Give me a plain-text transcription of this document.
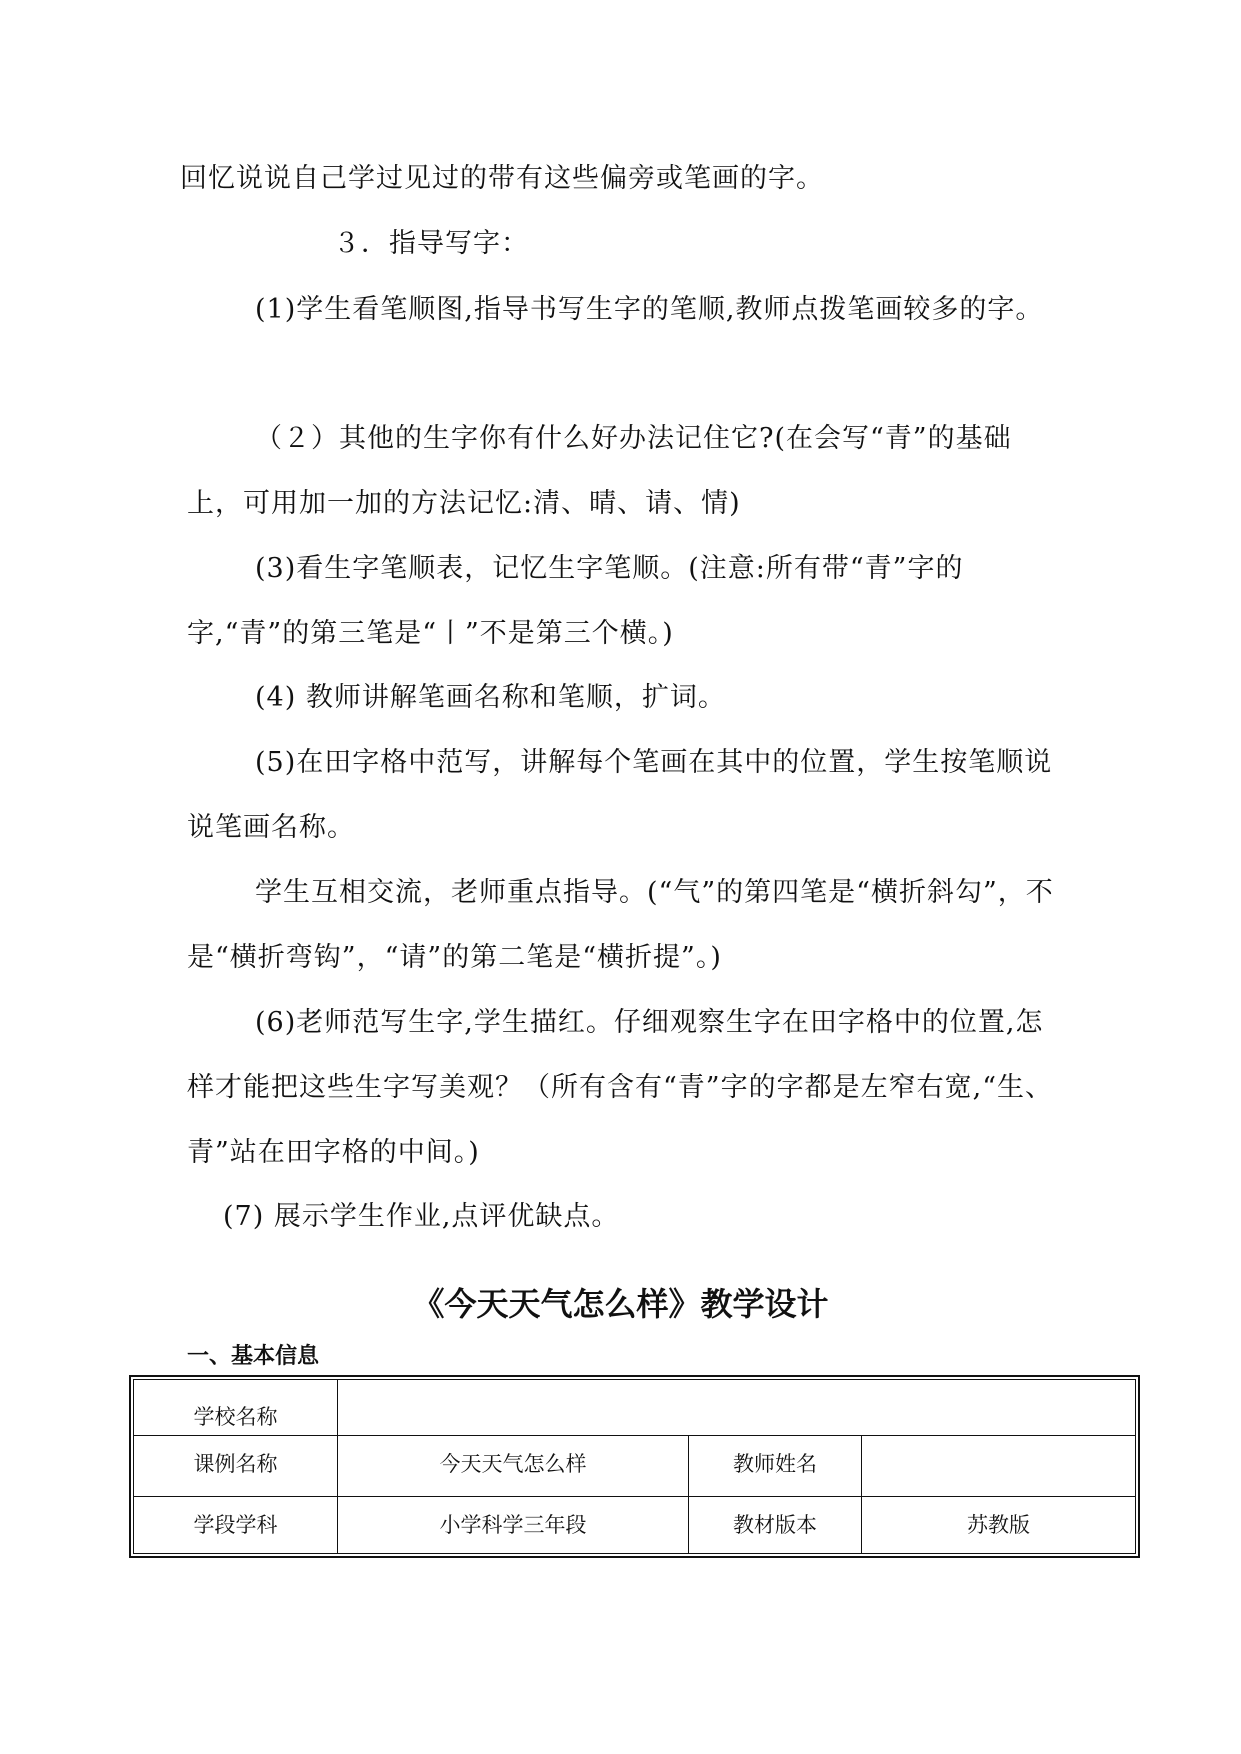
回忆说说自己学过见过的带有这些偏旁或笔画的字。

３．指导写字：

(1)学生看笔顺图,指导书写生字的笔顺,教师点拨笔画较多的字。

（２）其他的生字你有什么好办法记住它?(在会写“青”的基础上，可用加一加的方法记忆:清、晴、请、情)

(3)看生字笔顺表，记忆生字笔顺。(注意:所有带“青”字的字,“青”的第三笔是“丨”不是第三个横。)

(4) 教师讲解笔画名称和笔顺，扩词。

(5)在田字格中范写，讲解每个笔画在其中的位置，学生按笔顺说说笔画名称。

学生互相交流，老师重点指导。(“气”的第四笔是“横折斜勾”，不是“横折弯钩”，“请”的第二笔是“横折提”。)

(6)老师范写生字,学生描红。仔细观察生字在田字格中的位置,怎样才能把这些生字写美观？（所有含有“青”字的字都是左窄右宽,“生、青”站在田字格的中间。)

(7) 展示学生作业,点评优缺点。

《今天天气怎么样》教学设计
一、基本信息
学校名称			
课例名称	今天天气怎么样	教师姓名	
学段学科	小学科学三年段	教材版本	苏教版
